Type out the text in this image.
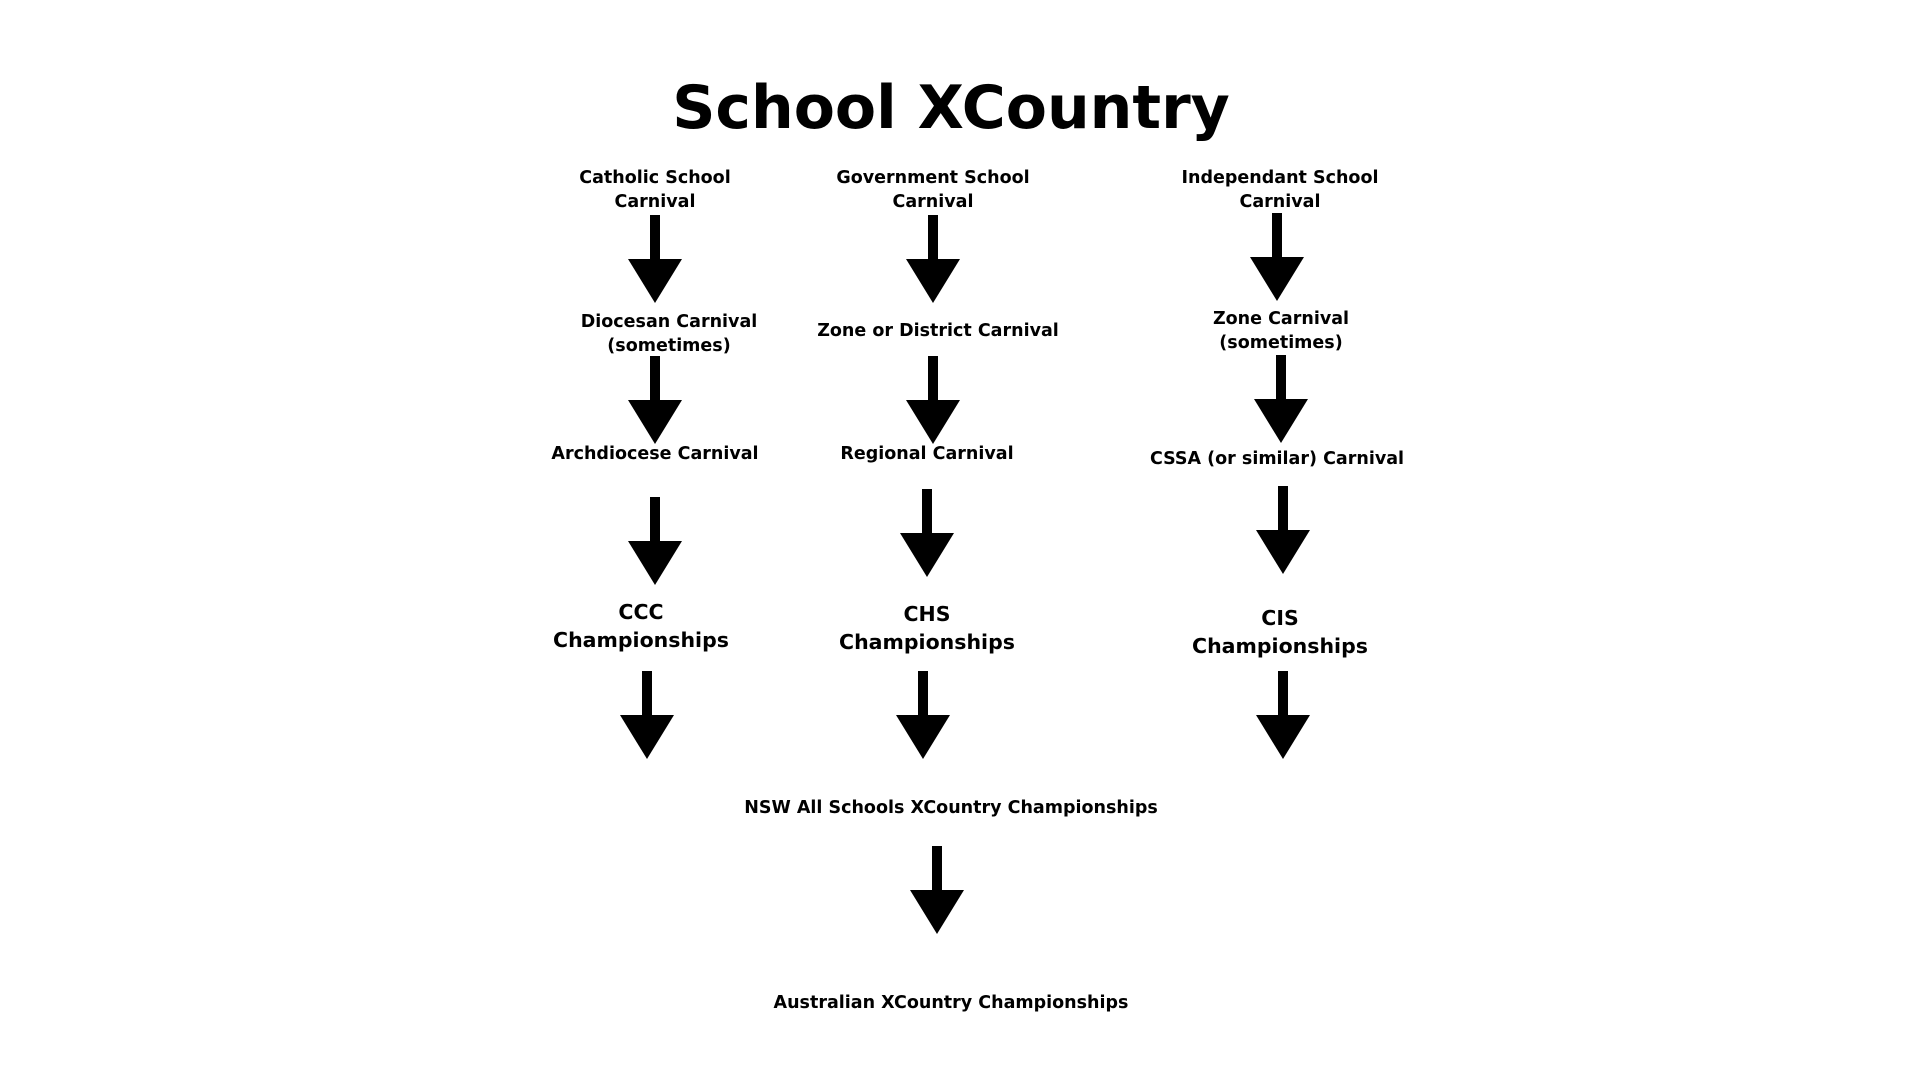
School XCountry
Catholic School
Carnival
Diocesan Carnival
(sometimes)
Archdiocese Carnival
CCC
Championships
Government School
Carnival
Zone or District Carnival
Regional Carnival
CHS
Championships
Independant School
Carnival
Zone Carnival
(sometimes)
CSSA (or similar) Carnival
CIS
Championships
NSW All Schools XCountry Championships
Australian XCountry Championships
